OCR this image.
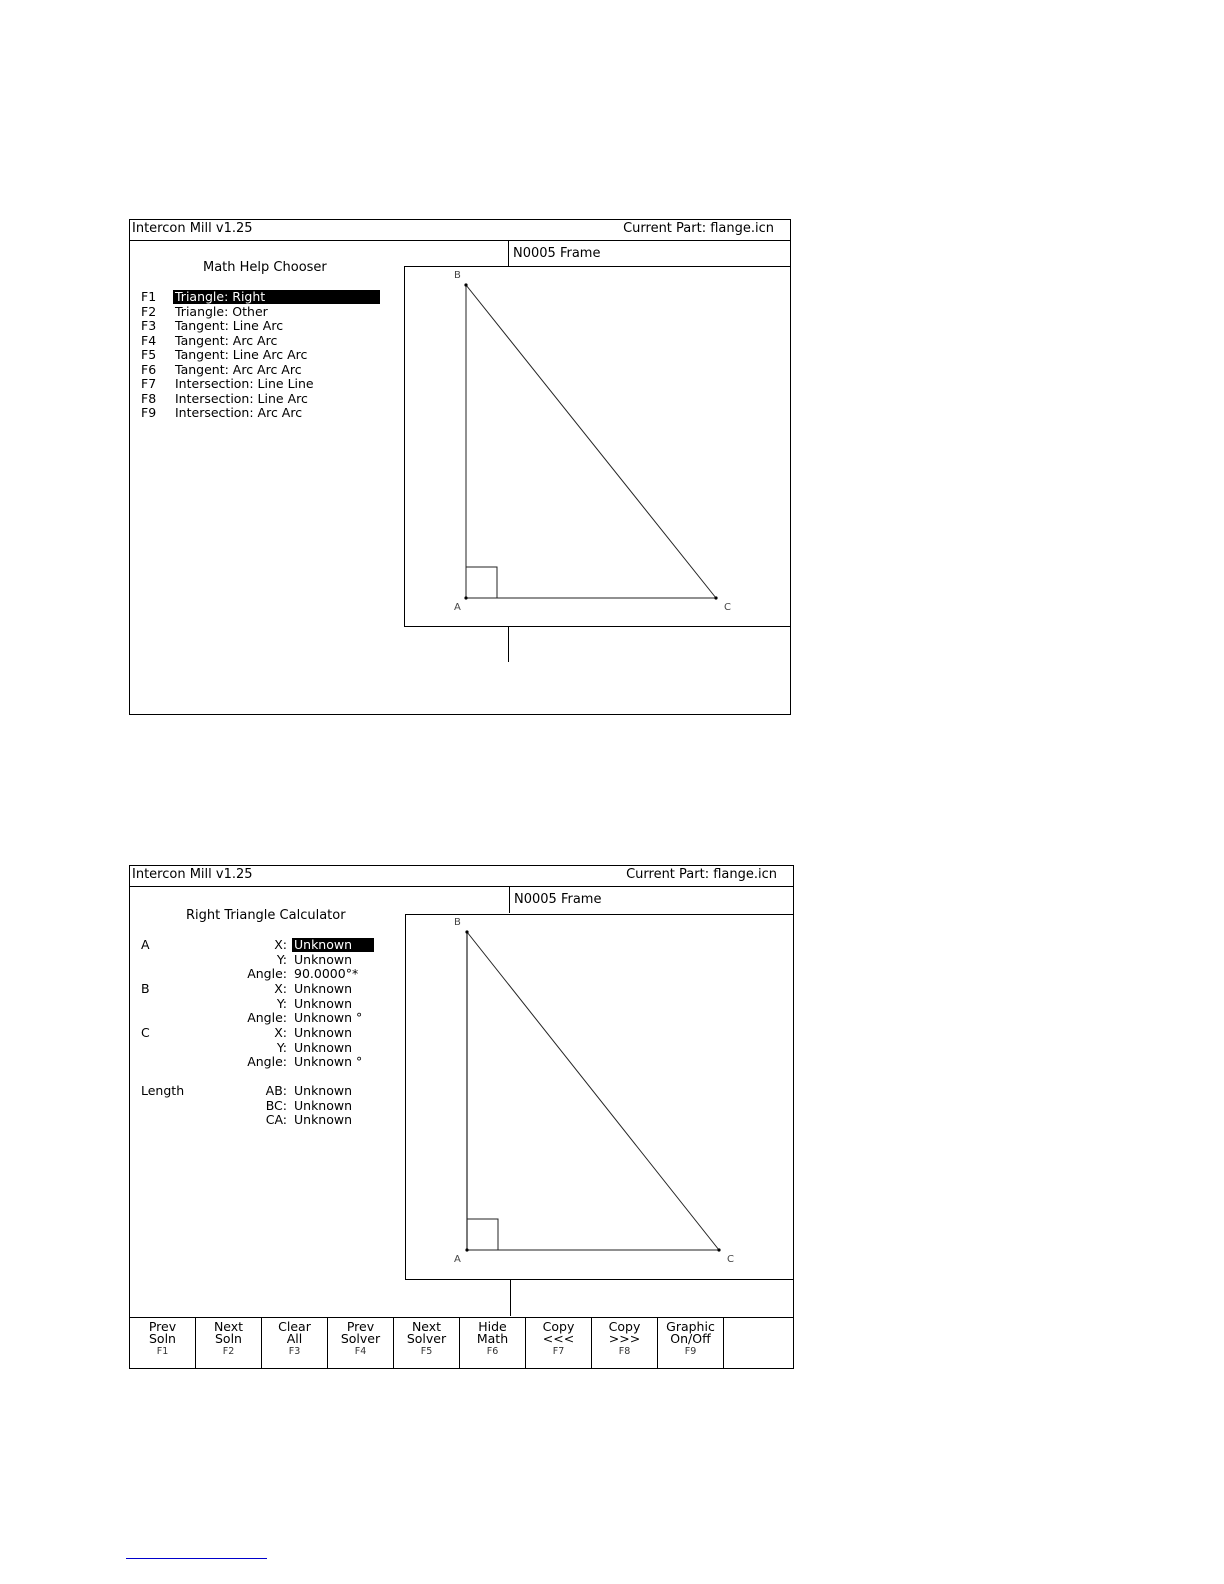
Intercon Mill v1.25	Current Part: flange.icn
N0005 Frame
Math Help Chooser
F1	Triangle: Right
F2	Triangle: Other
F3	Tangent: Line Arc
F4	Tangent: Arc Arc
F5	Tangent: Line Arc Arc
F6	Tangent: Arc Arc Arc
F7	Intersection: Line Line
F8	Intersection: Line Arc
F9	Intersection: Arc Arc
B
A	C
Intercon Mill v1.25	Current Part: flange.icn
N0005 Frame
Right Triangle Calculator
A	X: Unknown
Y: Unknown
Angle: 90.0000°*
B	X: Unknown
Y: Unknown
Angle: Unknown °
C	X: Unknown
Y: Unknown
Angle: Unknown °
Length	AB: Unknown
BC: Unknown
CA: Unknown
B
A	C
Prev
Soln
F1
Next
Soln
F2
Clear
All
F3
Prev
Solver
F4
Next
Solver
F5
Hide
Math
F6
Copy
<<<
F7
Copy
>>>
F8
Graphic
On/Off
F9
